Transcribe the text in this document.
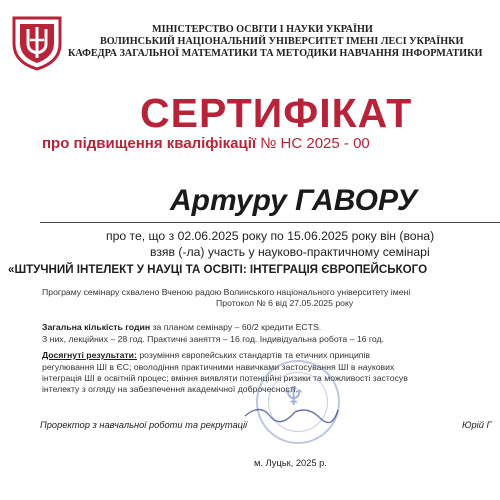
МІНІСТЕРСТВО ОСВІТИ І НАУКИ УКРАЇНИ
ВОЛИНСЬКИЙ НАЦІОНАЛЬНИЙ УНІВЕРСИТЕТ ІМЕНІ ЛЕСІ УКРАЇНКИ
КАФЕДРА ЗАГАЛЬНОЇ МАТЕМАТИКИ ТА МЕТОДИКИ НАВЧАННЯ ІНФОРМАТИКИ
СЕРТИФІКАТ
про підвищення кваліфікації № НС 2025 - 00
Артуру ГАВОРУ
про те, що з 02.06.2025 року по 15.06.2025 року він (вона)
взяв (-ла) участь у науково-практичному семінарі
«ШТУЧНИЙ ІНТЕЛЕКТ У НАУЦІ ТА ОСВІТІ: ІНТЕГРАЦІЯ ЄВРОПЕЙСЬКОГО
Програму семінару схвалено Вченою радою Волинського національного університету імені
Протокол № 6 від 27.05.2025 року
Загальна кількість годин за планом семінару – 60/2 кредити ECTS.
З них, лекційних – 28 год. Практичні заняття – 16 год. Індивідуальна робота – 16 год.
Досягнуті результати: розуміння європейських стандартів та етичних принципів
регулювання ШІ в ЄС; оволодіння практичними навичками застосування ШІ в наукових
інтеграція ШІ в освітній процес; вміння виявляти потенційні ризики та можливості застосув
інтелекту з огляду на забезпечення академічної доброчесності.
♆
Проректор з навчальної роботи та рекрутації	Юрій Г
м. Луцьк, 2025 р.
